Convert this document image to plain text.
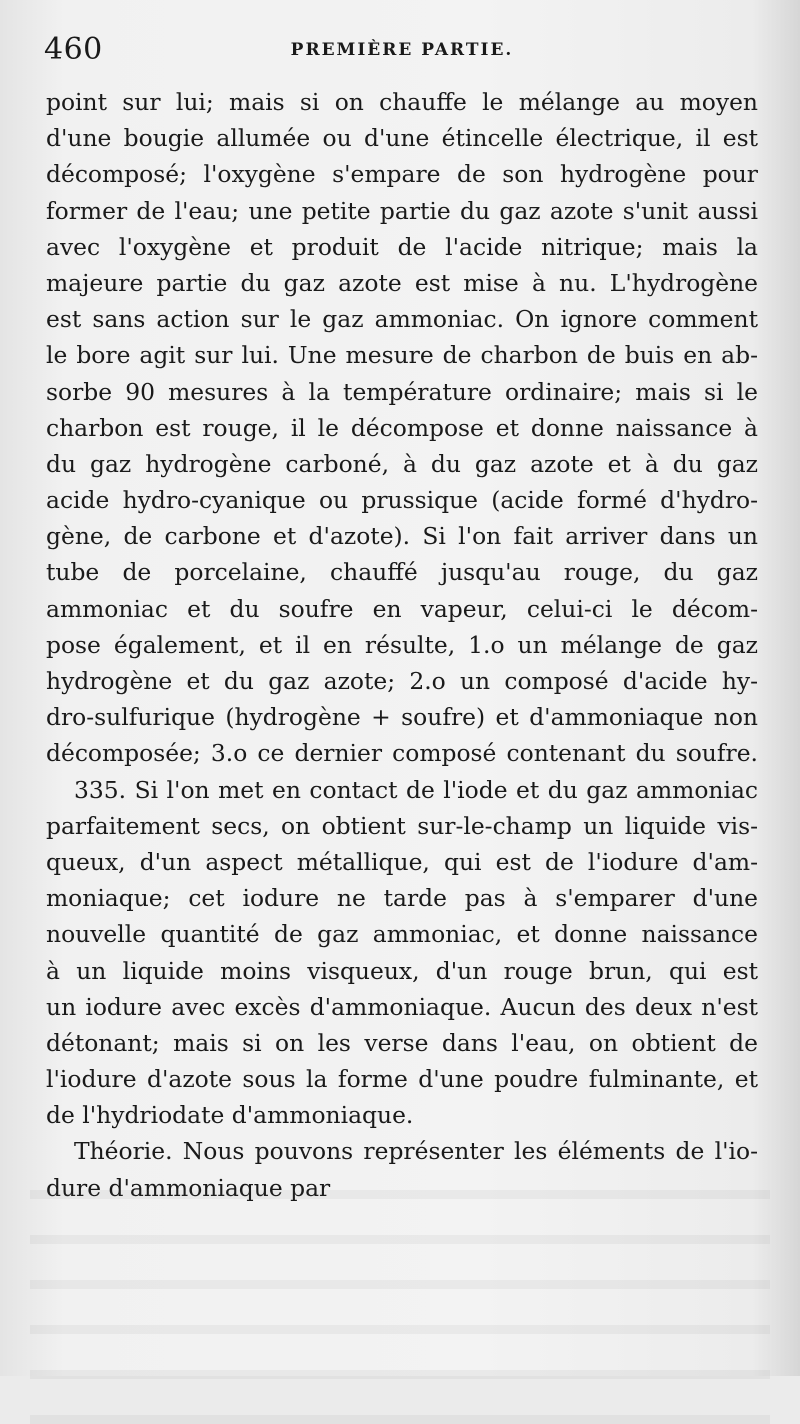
460	PREMIÈRE PARTIE.
point sur lui; mais si on chauffe le mélange au moyen
d'une bougie allumée ou d'une étincelle électrique, il est
décomposé; l'oxygène s'empare de son hydrogène pour
former de l'eau; une petite partie du gaz azote s'unit aussi
avec l'oxygène et produit de l'acide nitrique; mais la
majeure partie du gaz azote est mise à nu. L'hydrogène
est sans action sur le gaz ammoniac. On ignore comment
le bore agit sur lui. Une mesure de charbon de buis en ab-
sorbe 90 mesures à la température ordinaire; mais si le
charbon est rouge, il le décompose et donne naissance à
du gaz hydrogène carboné, à du gaz azote et à du gaz
acide hydro-cyanique ou prussique (acide formé d'hydro-
gène, de carbone et d'azote). Si l'on fait arriver dans un
tube de porcelaine, chauffé jusqu'au rouge, du gaz
ammoniac et du soufre en vapeur, celui-ci le décom-
pose également, et il en résulte, 1.o un mélange de gaz
hydrogène et du gaz azote; 2.o un composé d'acide hy-
dro-sulfurique (hydrogène + soufre) et d'ammoniaque non
décomposée; 3.o ce dernier composé contenant du soufre.
335. Si l'on met en contact de l'iode et du gaz ammoniac
parfaitement secs, on obtient sur-le-champ un liquide vis-
queux, d'un aspect métallique, qui est de l'iodure d'am-
moniaque; cet iodure ne tarde pas à s'emparer d'une
nouvelle quantité de gaz ammoniac, et donne naissance
à un liquide moins visqueux, d'un rouge brun, qui est
un iodure avec excès d'ammoniaque. Aucun des deux n'est
détonant; mais si on les verse dans l'eau, on obtient de
l'iodure d'azote sous la forme d'une poudre fulminante, et
de l'hydriodate d'ammoniaque.
Théorie. Nous pouvons représenter les éléments de l'io-
dure d'ammoniaque par
